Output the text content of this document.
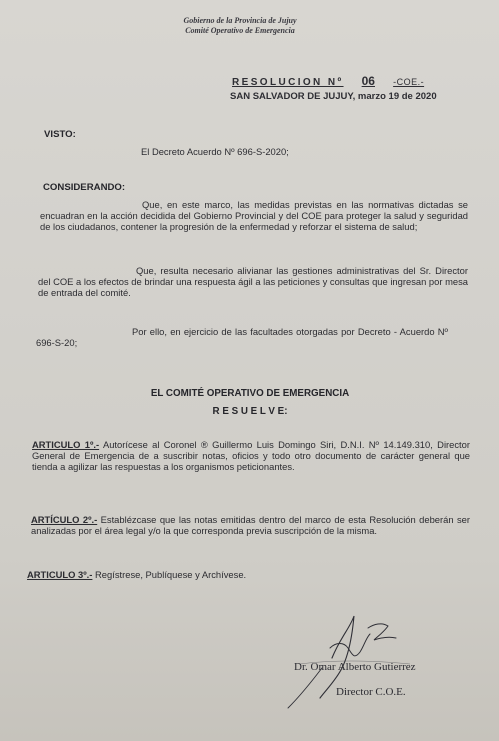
Gobierno de la Provincia de Jujuy
Comité Operativo de Emergencia
RESOLUCION Nº 06 -COE.-
SAN SALVADOR DE JUJUY, marzo 19 de 2020
VISTO:
El Decreto Acuerdo Nº 696-S-2020;
CONSIDERANDO:
Que, en este marco, las medidas previstas en las normativas dictadas se encuadran en la acción decidida del Gobierno Provincial y del COE para proteger la salud y seguridad de los ciudadanos, contener la progresión de la enfermedad y reforzar el sistema de salud;
Que, resulta necesario alivianar las gestiones administrativas del Sr. Director del COE a los efectos de brindar una respuesta ágil a las peticiones y consultas que ingresan por mesa de entrada del comité.
Por ello, en ejercicio de las facultades otorgadas por Decreto - Acuerdo Nº 696-S-20;
EL COMITÉ OPERATIVO DE EMERGENCIA
R E S U E L V E:
ARTICULO 1º.- Autorícese al Coronel ® Guillermo Luis Domingo Siri, D.N.I. Nº 14.149.310, Director General de Emergencia de a suscribir notas, oficios y todo otro documento de carácter general que tienda a agilizar las respuestas a los organismos peticionantes.
ARTÍCULO 2º.- Establézcase que las notas emitidas dentro del marco de esta Resolución deberán ser analizadas por el área legal y/o la que corresponda previa suscripción de la misma.
ARTICULO 3º.- Regístrese, Publíquese y Archívese.
Dr. Omar Alberto Gutierrez
Director C.O.E.
